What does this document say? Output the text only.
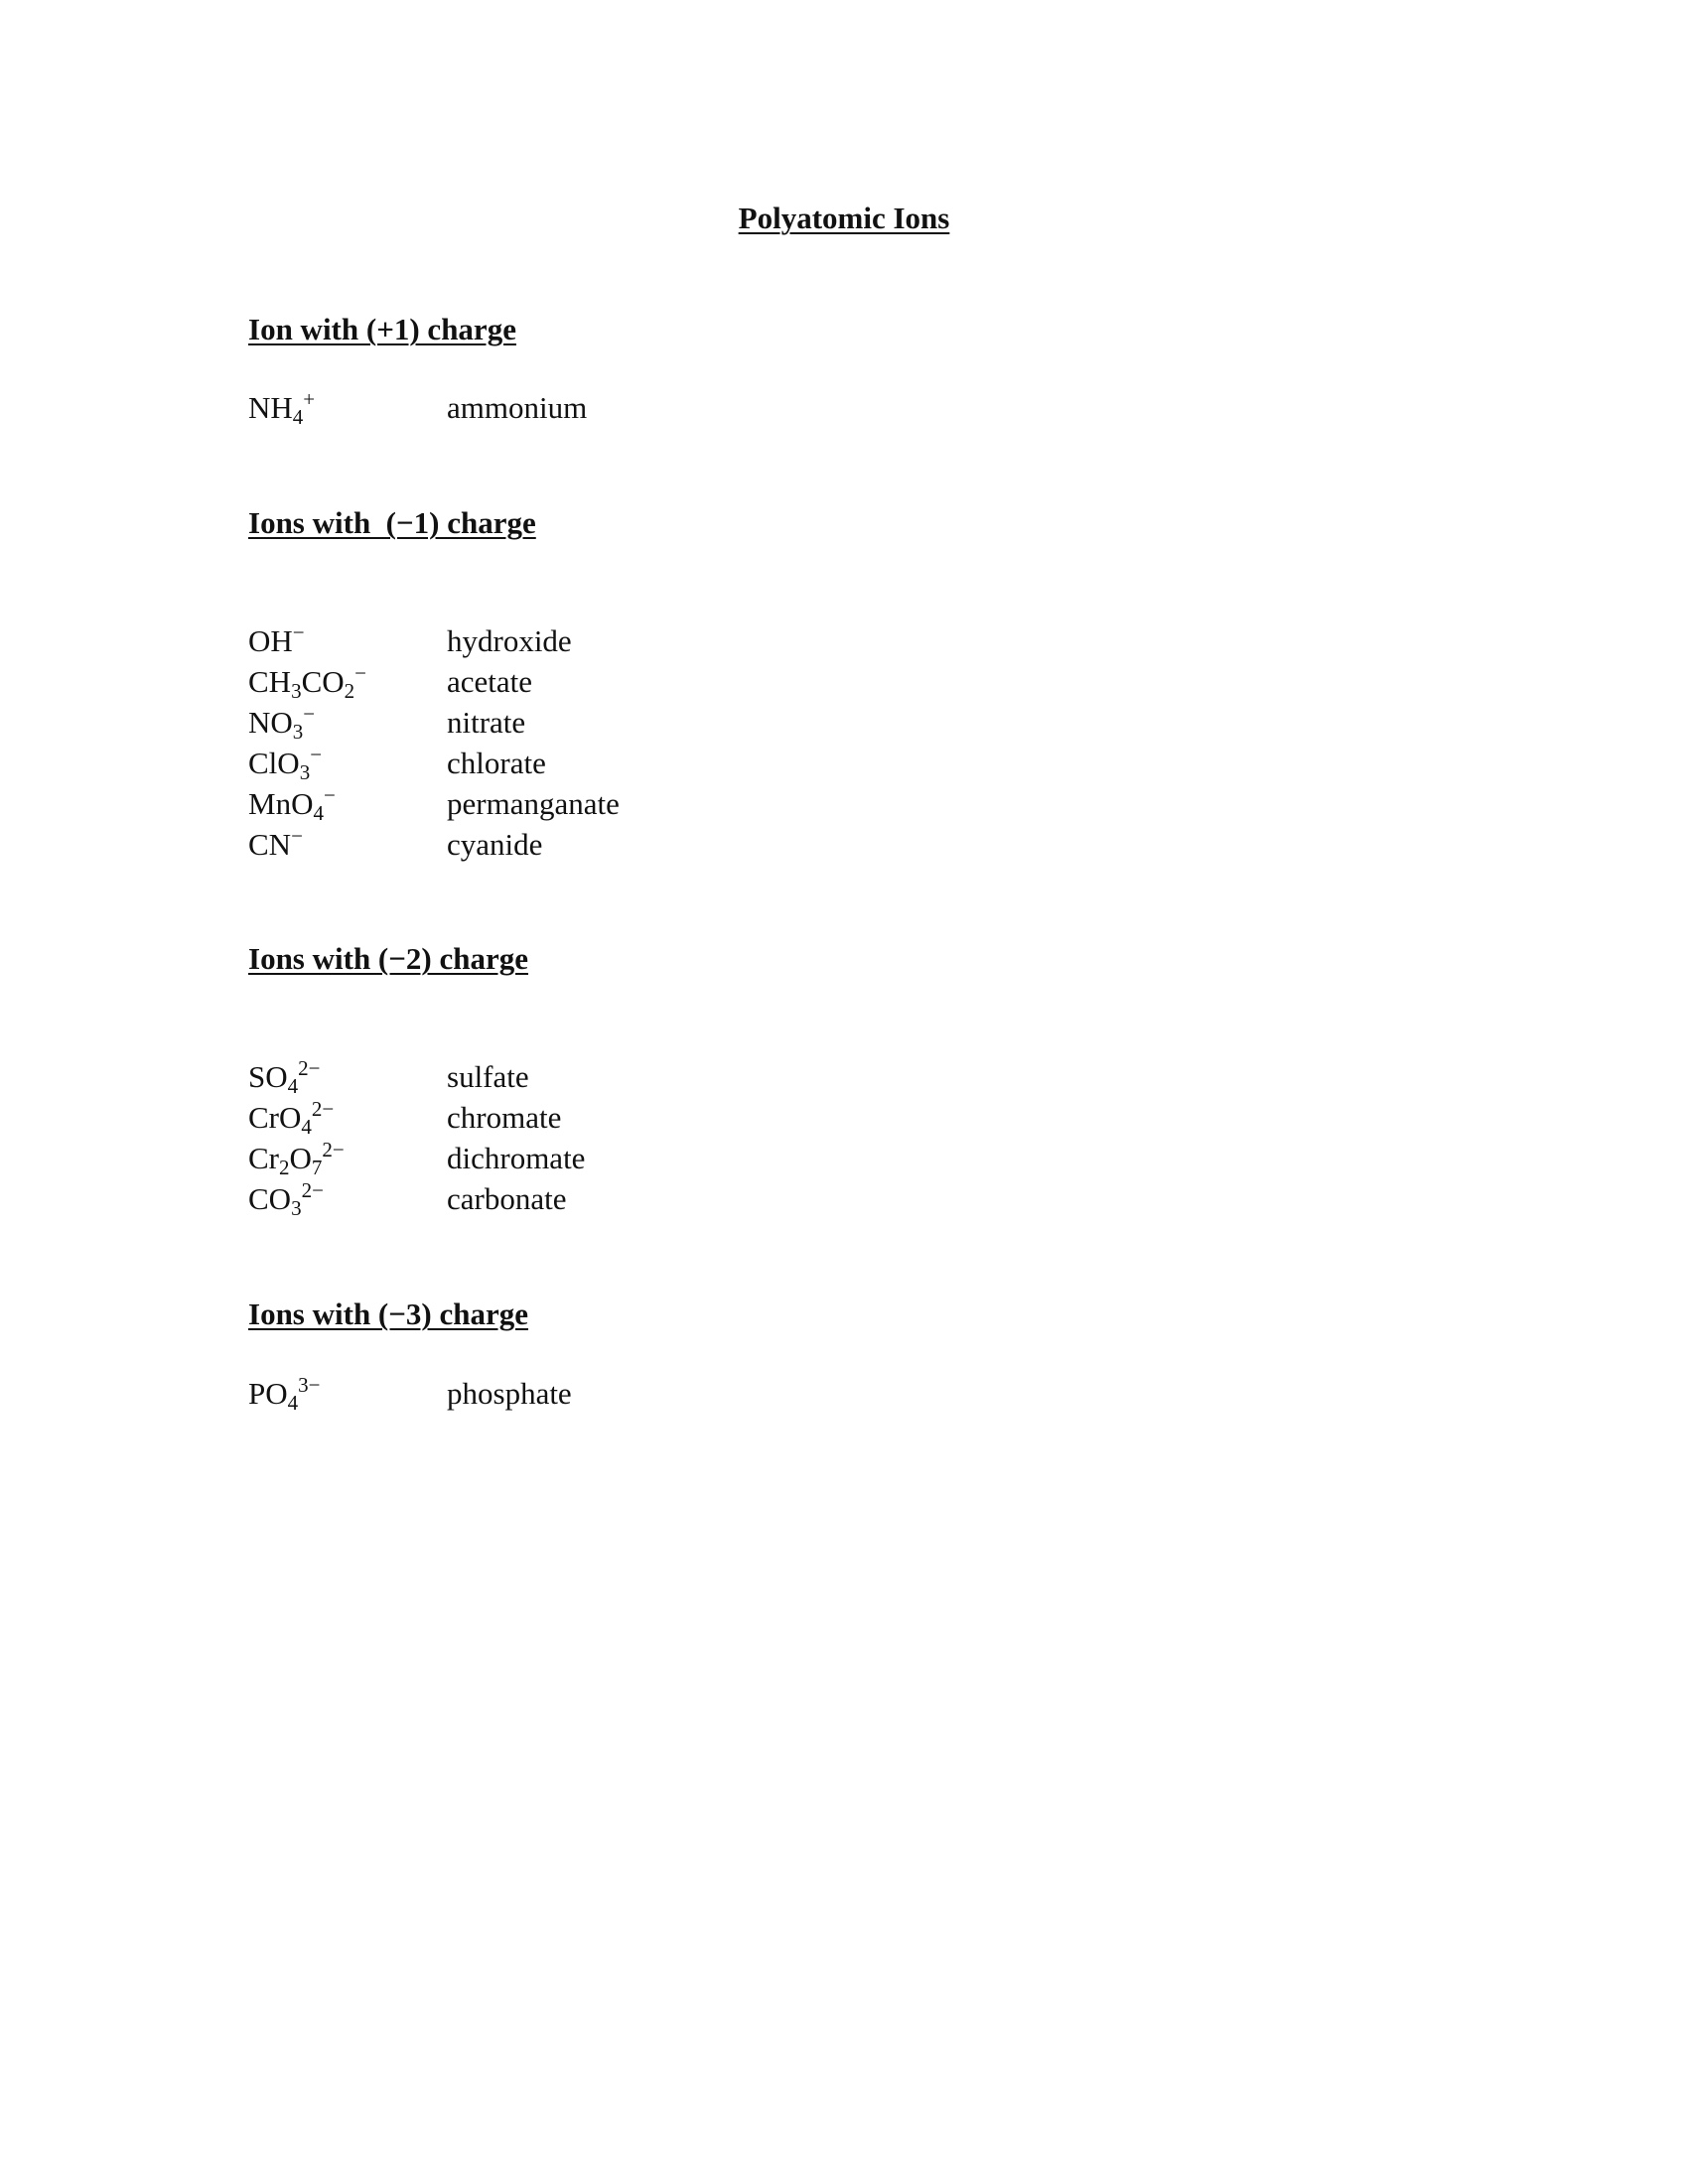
Polyatomic Ions
Ion with (+1) charge
$NH_4^+$	ammonium
Ions with  (−1) charge
OH−	hydroxide
$CH_3CO_2^-$	acetate
$NO_3^-$	nitrate
ClO$_3$−	chlorate
MnO$_4$−	permanganate
CN−	cyanide
Ions with (−2) charge
$SO_4^{2-}$	sulfate
CrO$_4^{2-}$	chromate
$Cr_2O_7^{2-}$	dichromate
$CO_3^{2-}$	carbonate
Ions with (−3) charge
$PO_4^{3-}$	phosphate
